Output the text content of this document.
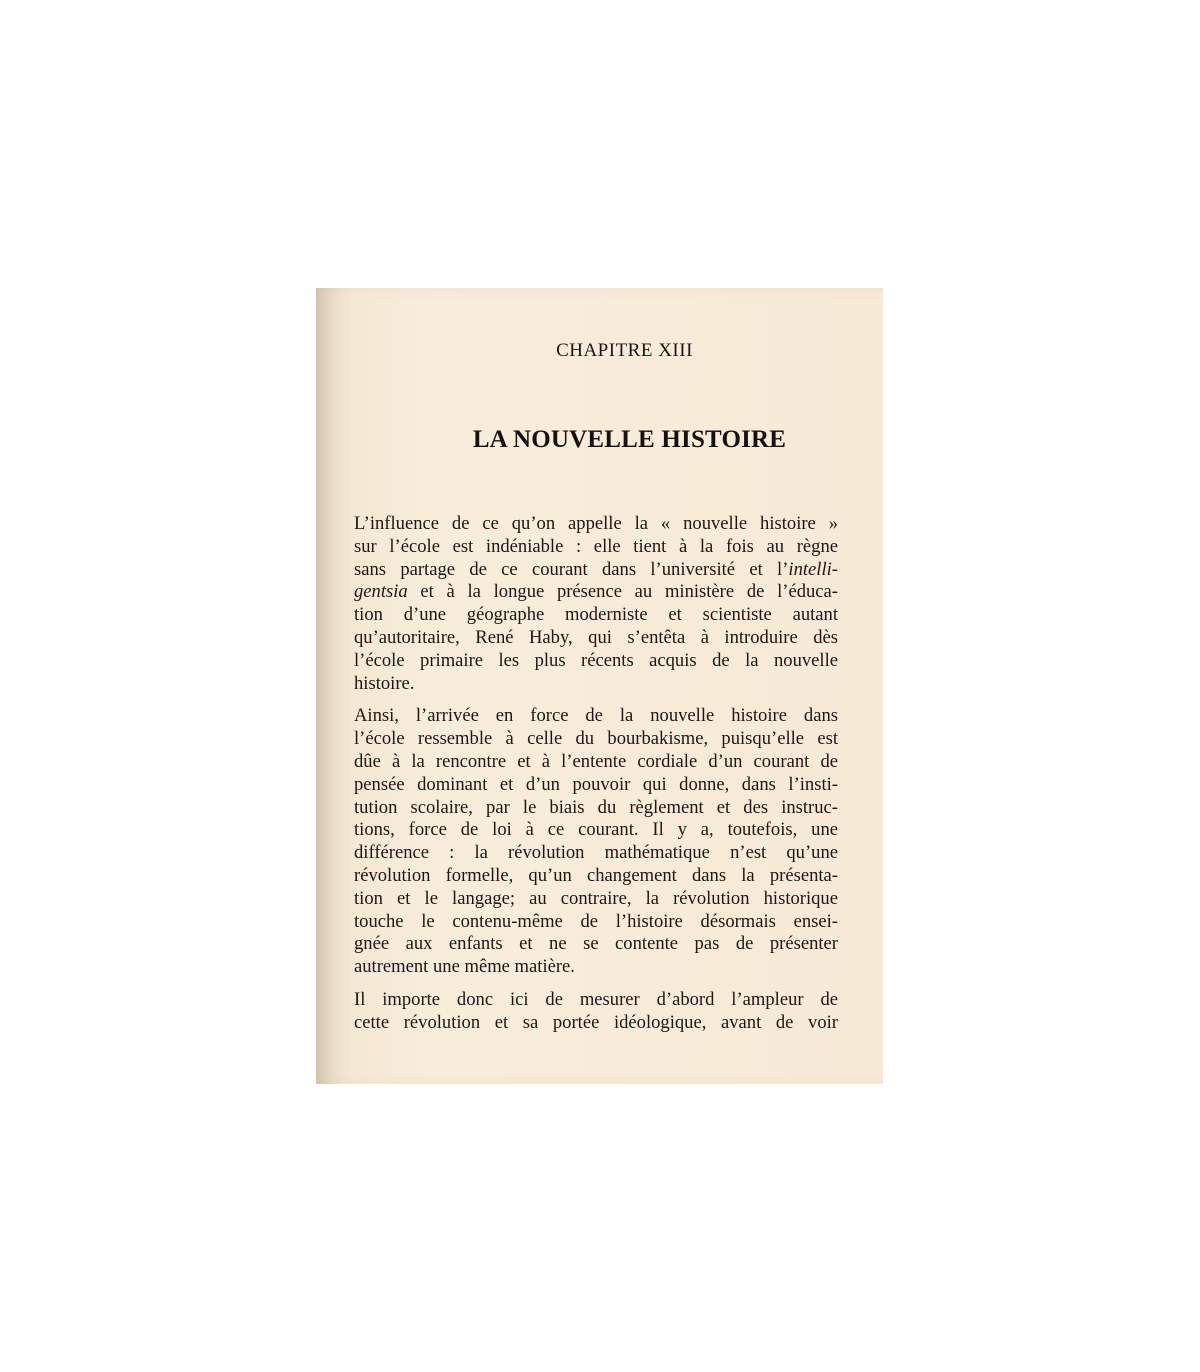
CHAPITRE XIII
LA NOUVELLE HISTOIRE
L’influence de ce qu’on appelle la « nouvelle histoire »
sur l’école est indéniable : elle tient à la fois au règne
sans partage de ce courant dans l’université et l’intelli-
gentsia et à la longue présence au ministère de l’éduca-
tion d’une géographe moderniste et scientiste autant
qu’autoritaire, René Haby, qui s’entêta à introduire dès
l’école primaire les plus récents acquis de la nouvelle
histoire.
Ainsi, l’arrivée en force de la nouvelle histoire dans
l’école ressemble à celle du bourbakisme, puisqu’elle est
dûe à la rencontre et à l’entente cordiale d’un courant de
pensée dominant et d’un pouvoir qui donne, dans l’insti-
tution scolaire, par le biais du règlement et des instruc-
tions, force de loi à ce courant. Il y a, toutefois, une
différence : la révolution mathématique n’est qu’une
révolution formelle, qu’un changement dans la présenta-
tion et le langage; au contraire, la révolution historique
touche le contenu-même de l’histoire désormais ensei-
gnée aux enfants et ne se contente pas de présenter
autrement une même matière.
Il importe donc ici de mesurer d’abord l’ampleur de
cette révolution et sa portée idéologique, avant de voir
